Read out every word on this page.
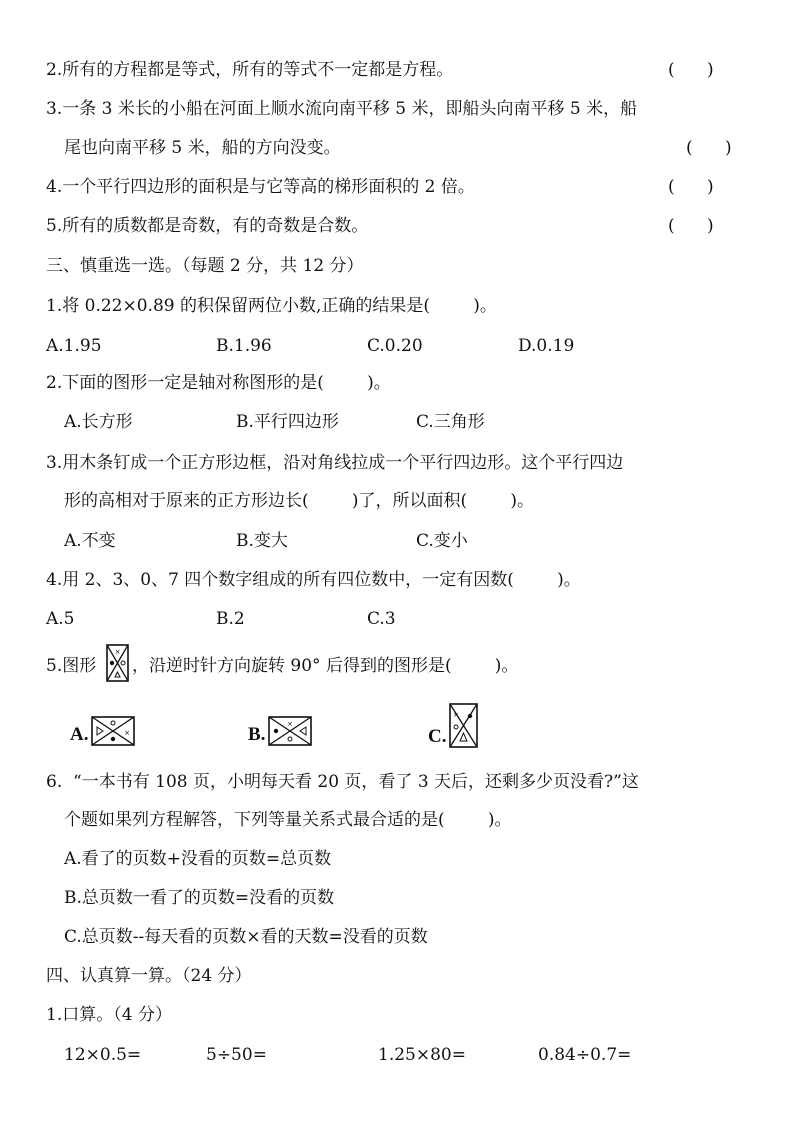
2.所有的方程都是等式，所有的等式不一定都是方程。	(      )
3.一条 3 米长的小船在河面上顺水流向南平移 5 米，即船头向南平移 5 米，船
尾也向南平移 5 米，船的方向没变。	(      )
4.一个平行四边形的面积是与它等高的梯形面积的 2 倍。	(      )
5.所有的质数都是奇数，有的奇数是合数。	(      )
三、慎重选一选。（每题 2 分，共 12 分）
1.将 0.22×0.89 的积保留两位小数,正确的结果是(        )。
A.1.95	B.1.96	C.0.20	D.0.19
2.下面的图形一定是轴对称图形的是(        )。
A.长方形	B.平行四边形	C.三角形
3.用木条钉成一个正方形边框，沿对角线拉成一个平行四边形。这个平行四边
形的高相对于原来的正方形边长(        )了，所以面积(        )。
A.不变	B.变大	C.变小
4.用 2、3、0、7 四个数字组成的所有四位数中，一定有因数(        )。
A.5	B.2	C.3
5.图形
×
，沿逆时针方向旋转 90° 后得到的图形是(        )。
A.	×	B.	×
C.
×
6.  “一本书有 108 页，小明每天看 20 页，看了 3 天后，还剩多少页没看?”这
个题如果列方程解答，下列等量关系式最合适的是(        )。
A.看了的页数+没看的页数=总页数
B.总页数一看了的页数=没看的页数
C.总页数--每天看的页数×看的天数=没看的页数
四、认真算一算。（24 分）
1.口算。（4 分）
12×0.5=	5÷50=	1.25×80=	0.84÷0.7=
